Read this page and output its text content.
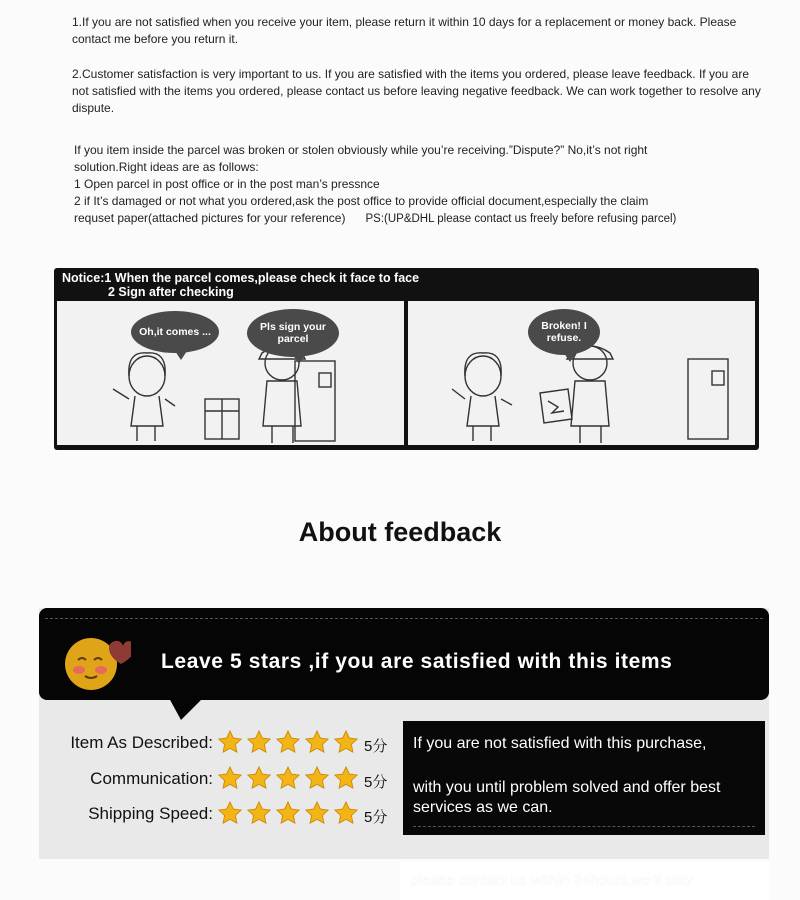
1.If you are not satisfied when you receive your item, please return it within 10 days for a replacement or money back. Please contact me before you return it.

2.Customer satisfaction is very important to us. If you are satisfied with the items you ordered, please leave feedback. If you are not satisfied with the items you ordered, please contact us before leaving negative feedback. We can work together to resolve any dispute.

If you item inside the parcel was broken or stolen obviously while you’re receiving.”Dispute?” No,it’s not right
solution.Right ideas are as follows:
1 Open parcel in post office or in the post man’s pressnce
2 if It’s damaged or not what you ordered,ask the post office to provide official document,especially the claim
requset paper(attached pictures for your reference) PS:(UP&DHL please contact us freely before refusing parcel)
Notice:1 When the parcel comes,please check it face to face
2 Sign after checking
Oh,it comes ...	Pls sign your parcel
Broken! I refuse.
About feedback
Leave 5 stars ,if you are satisfied with this items
Item As Described:	5分
Communication:	5分
Shipping Speed:	5分
If you are not satisfied with this purchase,
with you until problem solved and offer best services as we can.
please contact us within 24hours,we’ll stay
